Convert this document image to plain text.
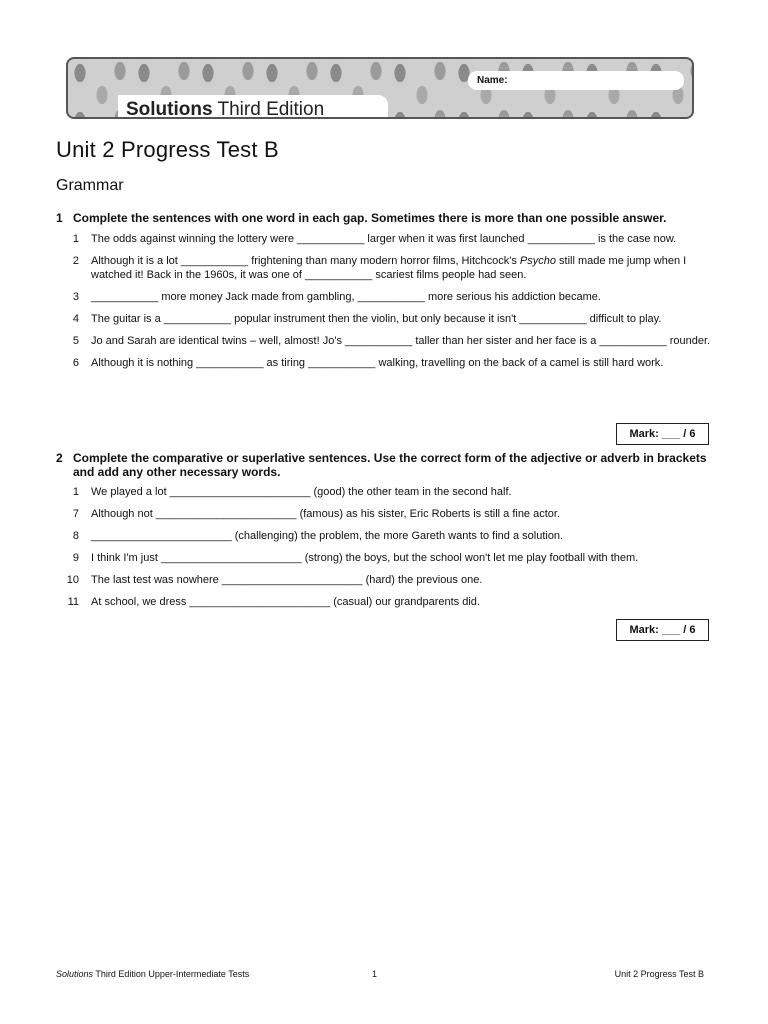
Solutions Third Edition
Name:
Unit 2 Progress Test B
Grammar
1 Complete the sentences with one word in each gap. Sometimes there is more than one possible answer.
1	The odds against winning the lottery were ___________ larger when it was first launched ___________ is the case now.
2	Although it is a lot ___________ frightening than many modern horror films, Hitchcock's Psycho still made me jump when I watched it! Back in the 1960s, it was one of ___________ scariest films people had seen.
3	___________ more money Jack made from gambling, ___________ more serious his addiction became.
4	The guitar is a ___________ popular instrument then the violin, but only because it isn't ___________ difficult to play.
5	Jo and Sarah are identical twins – well, almost! Jo's ___________ taller than her sister and her face is a ___________ rounder.
6	Although it is nothing ___________ as tiring ___________ walking, travelling on the back of a camel is still hard work.
Mark: ___ / 6
2 Complete the comparative or superlative sentences. Use the correct form of the adjective or adverb in brackets and add any other necessary words.
1	We played a lot _______________________ (good) the other team in the second half.
7	Although not _______________________ (famous) as his sister, Eric Roberts is still a fine actor.
8	_______________________ (challenging) the problem, the more Gareth wants to find a solution.
9	I think I'm just _______________________ (strong) the boys, but the school won't let me play football with them.
10	The last test was nowhere _______________________ (hard) the previous one.
11	At school, we dress _______________________ (casual) our grandparents did.
Mark: ___ / 6
Solutions Third Edition Upper-Intermediate Tests	1	Unit 2 Progress Test B
